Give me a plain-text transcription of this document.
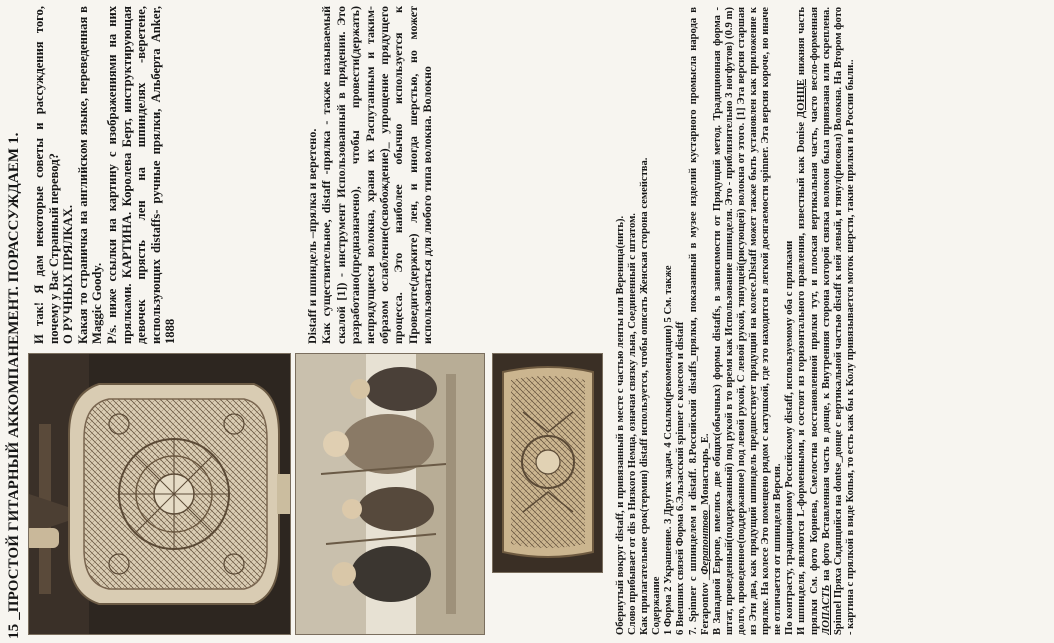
15_ПРОСТОЙ ГИТАРНЫЙ АККОМПАНЕМЕНТ. ПОРАССУЖДАЕМ 1. И так! Я дам некоторые советы и рассуждения того, почему у Вас Странный перевод? О РУЧНЫХ ПРЯЛКАХ. Какая то страничка на английском языке, переведенная в Maggic Goody. P/s. ниже ссылки на картину с изображениями на них прялками. КАРТИНА. Королева Берт, инструктирующая девочек прясть лен на шпинделях -веретене, использующих distaffs- ручные прялки, Альберта Anker, 1888	Distaff и шпиндель –прялка и веретено. Как существительное, distaff -прялка - также называемый скалой [1]) - инструмент Использованный в прядении. Это разработано(предназначено), чтобы провести(держать) непрядущиеся волокна, храня их Распутанным и таким- образом ослабление(освобождение)_ упрощение прядущего процесса. Это наиболее обычно используется к Проведите(держите) лен, и иногда шерстью, но может использоваться для любого типа волокна. Волокно

Обернутый вокруг distaff, и привязанный в месте с частью ленты или Вереница(нить). Слово прибывает от dis в Низкого Немца, означая связку льна, Соединенный с штатом. Как прилагательное срок(термин) distaff используется, чтобы описать Женская сторона семейства. Содержание 1 Форма 2 Украшение. 3 Других задач. 4 Ссылки(рекомендации) 5 См. также 6 Внешних связей Форма 6.Эльзасский spinner с колесом и distaff 7. Spinner с шпинделем и distaff. 8.Российский distaffs_прялки, показанный в музее изделий кустарного промысла народа в Ferapontov _Ферапонтово_Монастырь_Е. В Западной Европе, имелись две общих(обычных) формы distaffs, в зависимости от Прядущий метод. Традиционная форма - штат, проведенный(поддержанный) под рукой в то время как Использование шпинделя. Это - приблизительно 3 ногфутов) (0.9 m) долго, проведенное(поддержанное) под левой рукой, С левой рукой, тянущей(рисующей) волокна от этого. [1] Эта версия старшая из Эти два, как прядущий шпиндель предшествует прядущий на колесе.Distaff может также быть установлен как приложение к прялке. На колесе Это помещено рядом с катушкой, где это находится в легкой досягаемости spinner. Эта версия короче, но иначе не отличается от шпинделя Версия. По контрасту, традиционному Российскому distaff, используемому оба с прялками И шпинделя, являются L-форменными, и состоят из горизонтального правления, известный как Donise ДОНЦЕ нижняя часть прялки См. фото Корнева, Смелостиа восстановленной прялки тут, и плоская вертикальная часть, часто весло-форменная ЛОПАСТЬ на фото Вставленная часть в донце, к Внутренняя сторона которой связка волокон была привязана или скреплена. Spinnel Пряха Сидящийся на dontse_донце с вертикальной частью distaff к ней левый, и тянул(рисовал) Волокна. На Втором фото - картина с прялкой в виде Копья, то есть как бы к Колу привязывается моток шерсти, такие прялки и в России были..
